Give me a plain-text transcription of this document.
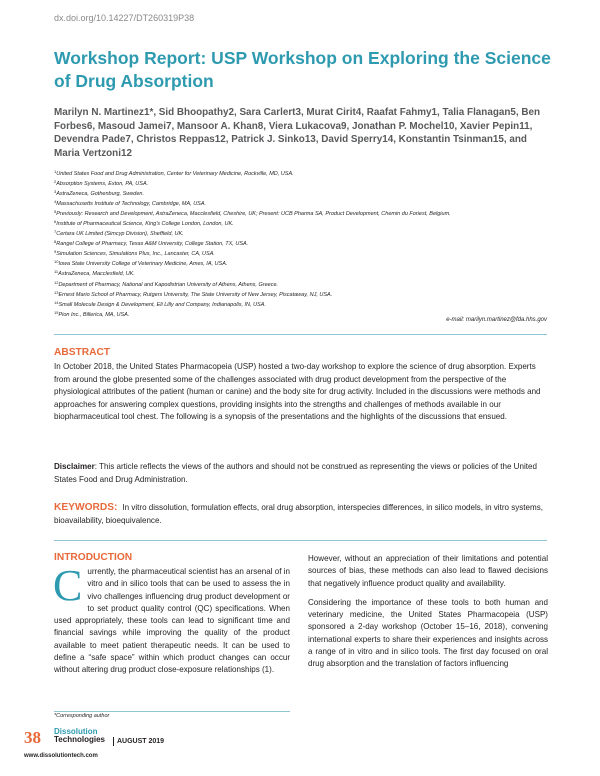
dx.doi.org/10.14227/DT260319P38
Workshop Report: USP Workshop on Exploring the Science of Drug Absorption

Marilyn N. Martinez1*, Sid Bhoopathy2, Sara Carlert3, Murat Cirit4, Raafat Fahmy1, Talia Flanagan5, Ben Forbes6, Masoud Jamei7, Mansoor A. Khan8, Viera Lukacova9, Jonathan P. Mochel10, Xavier Pepin11, Devendra Pade7, Christos Reppas12, Patrick J. Sinko13, David Sperry14, Konstantin Tsinman15, and Maria Vertzoni12

$^1$United States Food and Drug Administration, Center for Veterinary Medicine, Rockville, MD, USA.
$^2$Absorption Systems, Exton, PA, USA.
$^3$AstraZeneca, Gothenburg, Sweden.
$^4$Massachusetts Institute of Technology, Cambridge, MA, USA.
$^5$Previously: Research and Development, AstraZeneca, Macclesfield, Cheshire, UK; Present: UCB Pharma SA, Product Development, Chemin du Foriest, Belgium.
$^6$Institute of Pharmaceutical Science, King's College London, London, UK.
$^7$Certara UK Limited (Simcyp Division), Sheffield, UK.
$^8$Rangel College of Pharmacy, Texas A&M University, College Station, TX, USA.
$^9$Simulation Sciences, Simulations Plus, Inc., Lancaster, CA, USA.
$^{10}$Iowa State University College of Veterinary Medicine, Ames, IA, USA.
$^{11}$AstraZeneca, Macclesfield, UK.
$^{12}$Department of Pharmacy, National and Kapodistrian University of Athens, Athens, Greece.
$^{13}$Ernest Mario School of Pharmacy, Rutgers University, The State University of New Jersey, Piscataway, NJ, USA.
$^{14}$Small Molecule Design & Development, Eli Lilly and Company, Indianapolis, IN, USA.
$^{15}$Pion Inc., Billerica, MA, USA.
e-mail: marilyn.martinez@fda.hhs.gov
ABSTRACT

In October 2018, the United States Pharmacopeia (USP) hosted a two-day workshop to explore the science of drug absorption. Experts from around the globe presented some of the challenges associated with drug product development from the perspective of the physiological attributes of the patient (human or canine) and the body site for drug activity. Included in the discussions were methods and approaches for answering complex questions, providing insights into the strengths and challenges of methods available in our biopharmaceutical tool chest. The following is a synopsis of the presentations and the highlights of the discussions that ensued.

Disclaimer: This article reflects the views of the authors and should not be construed as representing the views or policies of the United States Food and Drug Administration.

KEYWORDS: In vitro dissolution, formulation effects, oral drug absorption, interspecies differences, in silico models, in vitro systems, bioavailability, bioequivalence.

INTRODUCTION

Currently, the pharmaceutical scientist has an arsenal of in vitro and in silico tools that can be used to assess the in vivo challenges influencing drug product development or to set product quality control (QC) specifications. When used appropriately, these tools can lead to significant time and financial savings while improving the quality of the product available to meet patient therapeutic needs. It can be used to define a “safe space” within which product changes can occur without altering drug product close-exposure relationships (1).

However, without an appreciation of their limitations and potential sources of bias, these methods can also lead to flawed decisions that negatively influence product quality and availability.

Considering the importance of these tools to both human and veterinary medicine, the United States Pharmacopeia (USP) sponsored a 2-day workshop (October 15–16, 2018), convening international experts to share their experiences and insights across a range of in vitro and in silico tools. The first day focused on oral drug absorption and the translation of factors influencing

*Corresponding author
38 Dissolution
Technologies AUGUST 2019
www.dissolutiontech.com
